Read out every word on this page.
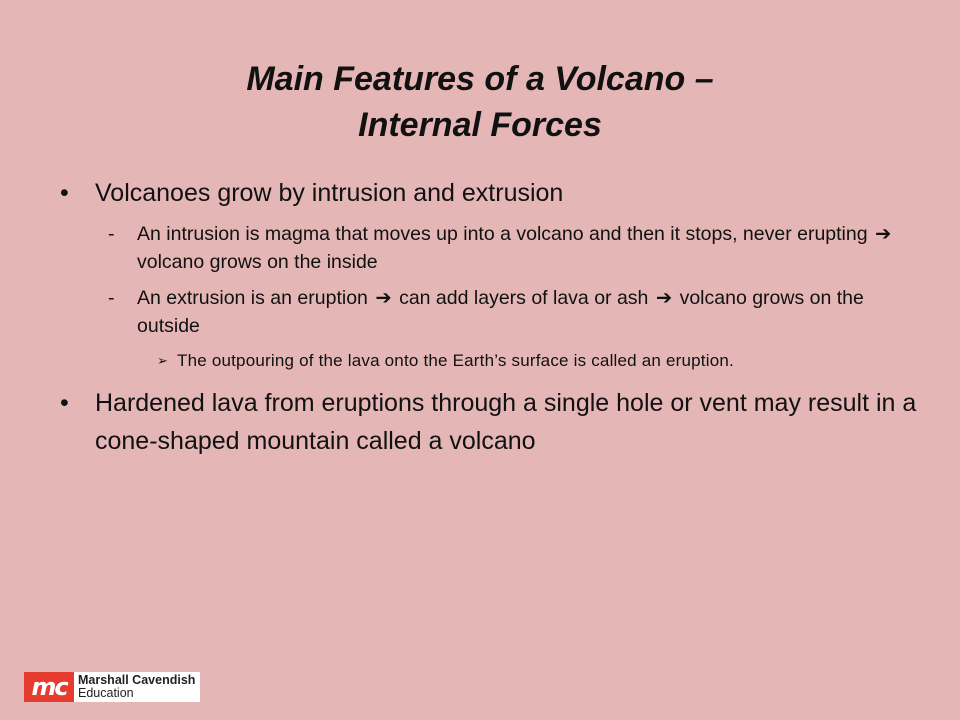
Main Features of a Volcano –
Internal Forces
• Volcanoes grow by intrusion and extrusion
- An intrusion is magma that moves up into a volcano and then it stops, never erupting ➔ volcano grows on the inside
- An extrusion is an eruption ➔ can add layers of lava or ash ➔ volcano grows on the outside
➢ The outpouring of the lava onto the Earth’s surface is called an eruption.
• Hardened lava from eruptions through a single hole or vent may result in a cone-shaped mountain called a volcano
mc Marshall Cavendish
Education
